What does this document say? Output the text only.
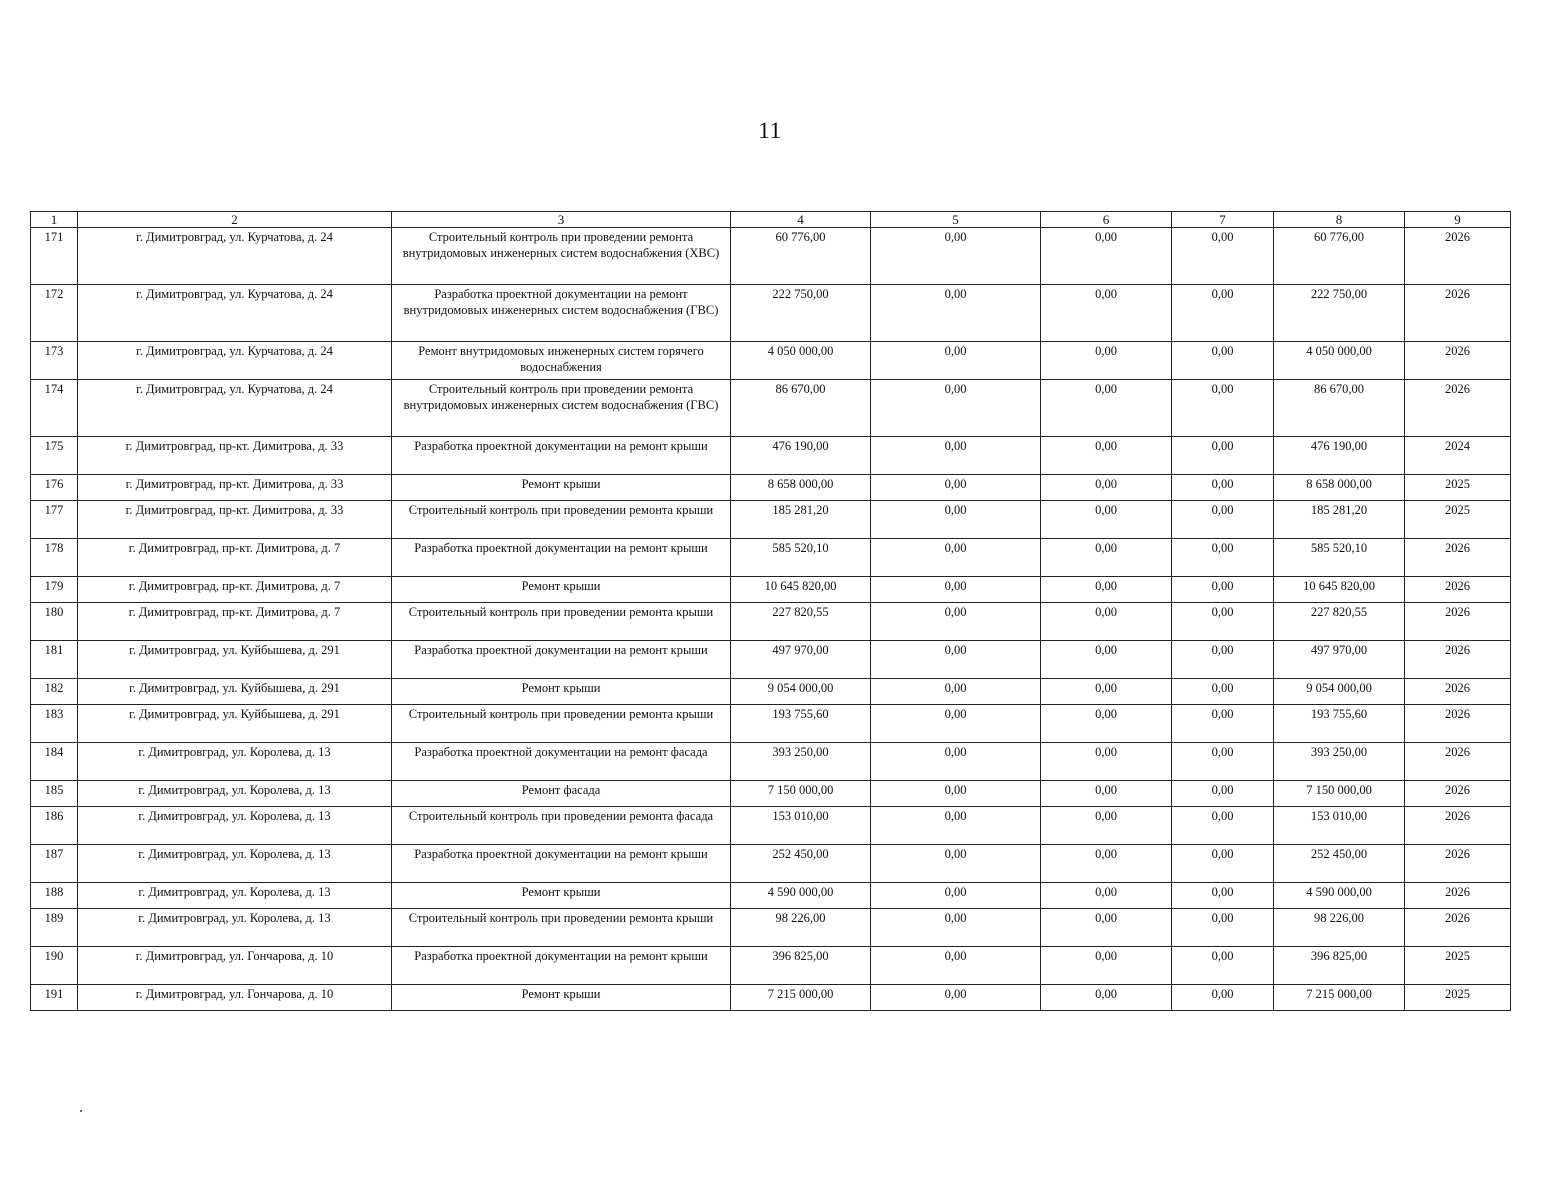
11
1	2	3	4	5	6	7	8	9
171	г. Димитровград, ул. Курчатова, д. 24	Строительный контроль при проведении ремонта внутридомовых инженерных систем водоснабжения (ХВС)	60 776,00	0,00	0,00	0,00	60 776,00	2026
172	г. Димитровград, ул. Курчатова, д. 24	Разработка проектной документации на ремонт внутридомовых инженерных систем водоснабжения (ГВС)	222 750,00	0,00	0,00	0,00	222 750,00	2026
173	г. Димитровград, ул. Курчатова, д. 24	Ремонт внутридомовых инженерных систем горячего водоснабжения	4 050 000,00	0,00	0,00	0,00	4 050 000,00	2026
174	г. Димитровград, ул. Курчатова, д. 24	Строительный контроль при проведении ремонта внутридомовых инженерных систем водоснабжения (ГВС)	86 670,00	0,00	0,00	0,00	86 670,00	2026
175	г. Димитровград, пр-кт. Димитрова, д. 33	Разработка проектной документации на ремонт крыши	476 190,00	0,00	0,00	0,00	476 190,00	2024
176	г. Димитровград, пр-кт. Димитрова, д. 33	Ремонт крыши	8 658 000,00	0,00	0,00	0,00	8 658 000,00	2025
177	г. Димитровград, пр-кт. Димитрова, д. 33	Строительный контроль при проведении ремонта крыши	185 281,20	0,00	0,00	0,00	185 281,20	2025
178	г. Димитровград, пр-кт. Димитрова, д. 7	Разработка проектной документации на ремонт крыши	585 520,10	0,00	0,00	0,00	585 520,10	2026
179	г. Димитровград, пр-кт. Димитрова, д. 7	Ремонт крыши	10 645 820,00	0,00	0,00	0,00	10 645 820,00	2026
180	г. Димитровград, пр-кт. Димитрова, д. 7	Строительный контроль при проведении ремонта крыши	227 820,55	0,00	0,00	0,00	227 820,55	2026
181	г. Димитровград, ул. Куйбышева, д. 291	Разработка проектной документации на ремонт крыши	497 970,00	0,00	0,00	0,00	497 970,00	2026
182	г. Димитровград, ул. Куйбышева, д. 291	Ремонт крыши	9 054 000,00	0,00	0,00	0,00	9 054 000,00	2026
183	г. Димитровград, ул. Куйбышева, д. 291	Строительный контроль при проведении ремонта крыши	193 755,60	0,00	0,00	0,00	193 755,60	2026
184	г. Димитровград, ул. Королева, д. 13	Разработка проектной документации на ремонт фасада	393 250,00	0,00	0,00	0,00	393 250,00	2026
185	г. Димитровград, ул. Королева, д. 13	Ремонт фасада	7 150 000,00	0,00	0,00	0,00	7 150 000,00	2026
186	г. Димитровград, ул. Королева, д. 13	Строительный контроль при проведении ремонта фасада	153 010,00	0,00	0,00	0,00	153 010,00	2026
187	г. Димитровград, ул. Королева, д. 13	Разработка проектной документации на ремонт крыши	252 450,00	0,00	0,00	0,00	252 450,00	2026
188	г. Димитровград, ул. Королева, д. 13	Ремонт крыши	4 590 000,00	0,00	0,00	0,00	4 590 000,00	2026
189	г. Димитровград, ул. Королева, д. 13	Строительный контроль при проведении ремонта крыши	98 226,00	0,00	0,00	0,00	98 226,00	2026
190	г. Димитровград, ул. Гончарова, д. 10	Разработка проектной документации на ремонт крыши	396 825,00	0,00	0,00	0,00	396 825,00	2025
191	г. Димитровград, ул. Гончарова, д. 10	Ремонт крыши	7 215 000,00	0,00	0,00	0,00	7 215 000,00	2025
